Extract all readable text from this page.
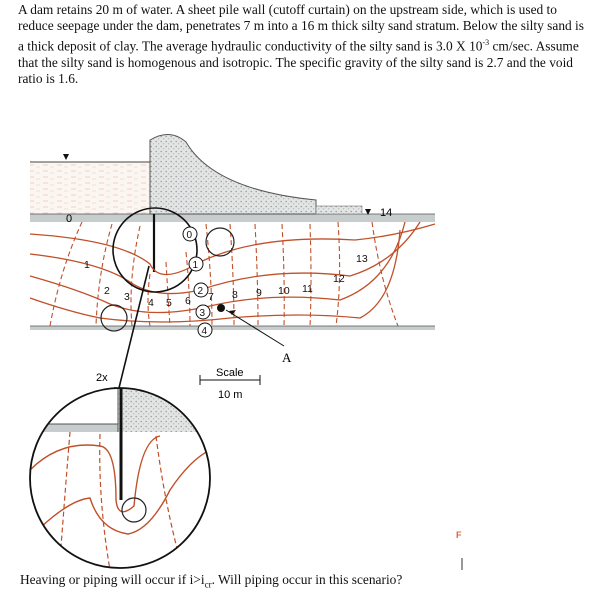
A dam retains 20 m of water. A sheet pile wall (cutoff curtain) on the upstream side, which is used to reduce seepage under the dam, penetrates 7 m into a 16 m thick silty sand stratum. Below the silty sand is a thick deposit of clay. The average hydraulic conductivity of the silty sand is 3.0 X $10^{-3}$ cm/sec. Assume that the silty sand is homogenous and isotropic. The specific gravity of the silty sand is 2.7 and the void ratio is 1.6.

A
0	14
1
2 3 4 5 6 7 8 9 10 11
12
13
0
1
2
3
4
Scale
10 m
2x
F

Heaving or piping will occur if $i>i_{cr}$. Will piping occur in this scenario?
